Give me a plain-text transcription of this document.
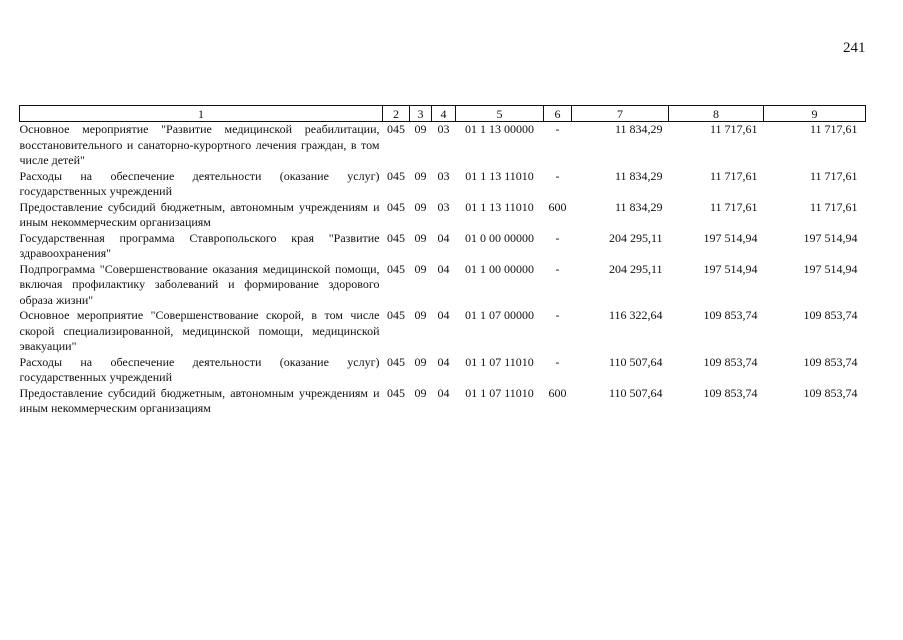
241
1	2	3	4	5	6	7	8	9
Основное мероприятие "Развитие медицинской реабилитации, восстановительного и санаторно-курортного лечения граждан, в том числе детей"	045	09	03	01 1 13 00000	-	11 834,29	11 717,61	11 717,61
Расходы на обеспечение деятельности (оказание услуг) государственных учреждений	045	09	03	01 1 13 11010	-	11 834,29	11 717,61	11 717,61
Предоставление субсидий бюджетным, автономным учреждениям и иным некоммерческим организациям	045	09	03	01 1 13 11010	600	11 834,29	11 717,61	11 717,61
Государственная программа Ставропольского края "Развитие здравоохранения"	045	09	04	01 0 00 00000	-	204 295,11	197 514,94	197 514,94
Подпрограмма "Совершенствование оказания медицинской помощи, включая профилактику заболеваний и формирование здорового образа жизни"	045	09	04	01 1 00 00000	-	204 295,11	197 514,94	197 514,94
Основное мероприятие "Совершенствование скорой, в том числе скорой специализированной, медицинской помощи, медицинской эвакуации"	045	09	04	01 1 07 00000	-	116 322,64	109 853,74	109 853,74
Расходы на обеспечение деятельности (оказание услуг) государственных учреждений	045	09	04	01 1 07 11010	-	110 507,64	109 853,74	109 853,74
Предоставление субсидий бюджетным, автономным учреждениям и иным некоммерческим организациям	045	09	04	01 1 07 11010	600	110 507,64	109 853,74	109 853,74
